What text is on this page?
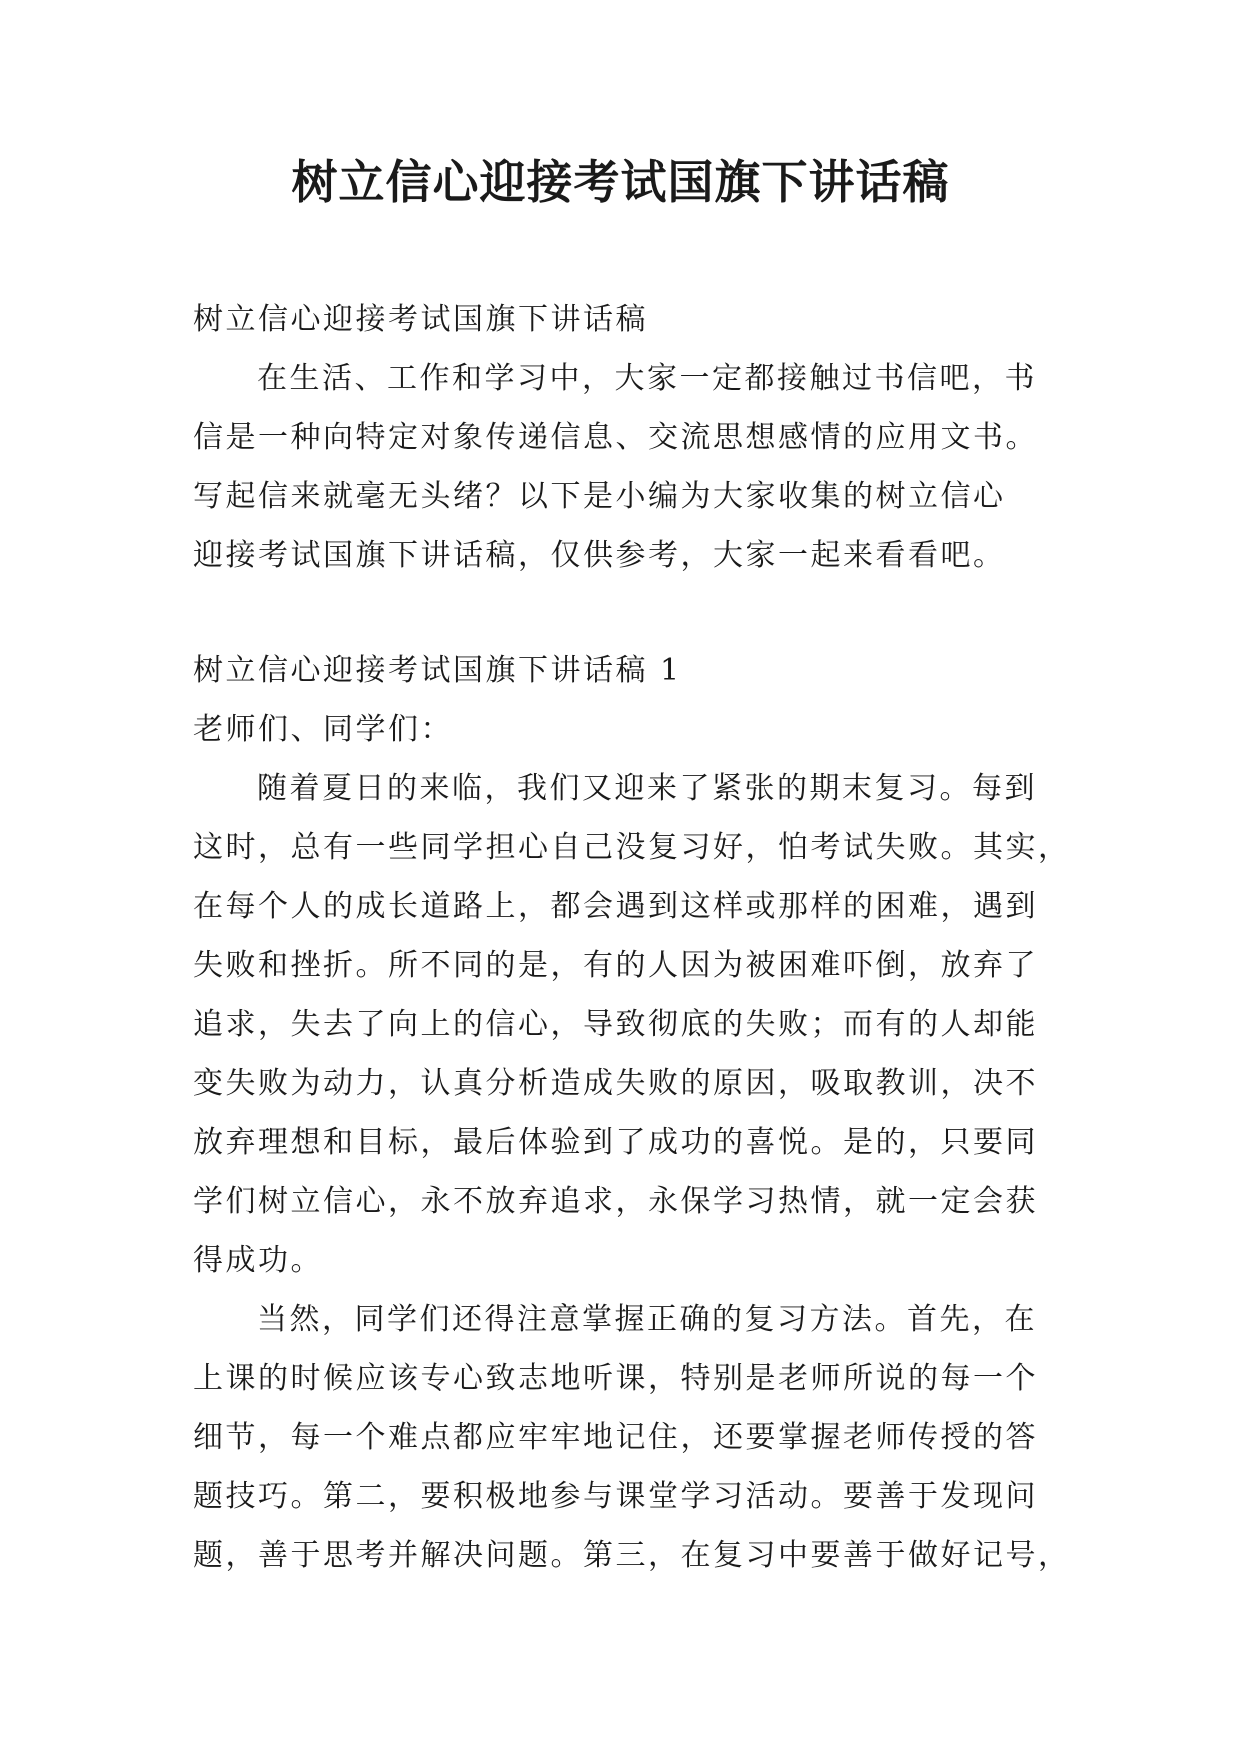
树立信心迎接考试国旗下讲话稿
树立信心迎接考试国旗下讲话稿
在生活、工作和学习中，大家一定都接触过书信吧，书
信是一种向特定对象传递信息、交流思想感情的应用文书。
写起信来就毫无头绪？以下是小编为大家收集的树立信心
迎接考试国旗下讲话稿，仅供参考，大家一起来看看吧。
树立信心迎接考试国旗下讲话稿 1
老师们、同学们：
随着夏日的来临，我们又迎来了紧张的期末复习。每到
这时，总有一些同学担心自己没复习好，怕考试失败。其实，
在每个人的成长道路上，都会遇到这样或那样的困难，遇到
失败和挫折。所不同的是，有的人因为被困难吓倒，放弃了
追求，失去了向上的信心，导致彻底的失败；而有的人却能
变失败为动力，认真分析造成失败的原因，吸取教训，决不
放弃理想和目标，最后体验到了成功的喜悦。是的，只要同
学们树立信心，永不放弃追求，永保学习热情，就一定会获
得成功。
当然，同学们还得注意掌握正确的复习方法。首先，在
上课的时候应该专心致志地听课，特别是老师所说的每一个
细节，每一个难点都应牢牢地记住，还要掌握老师传授的答
题技巧。第二，要积极地参与课堂学习活动。要善于发现问
题，善于思考并解决问题。第三，在复习中要善于做好记号，
